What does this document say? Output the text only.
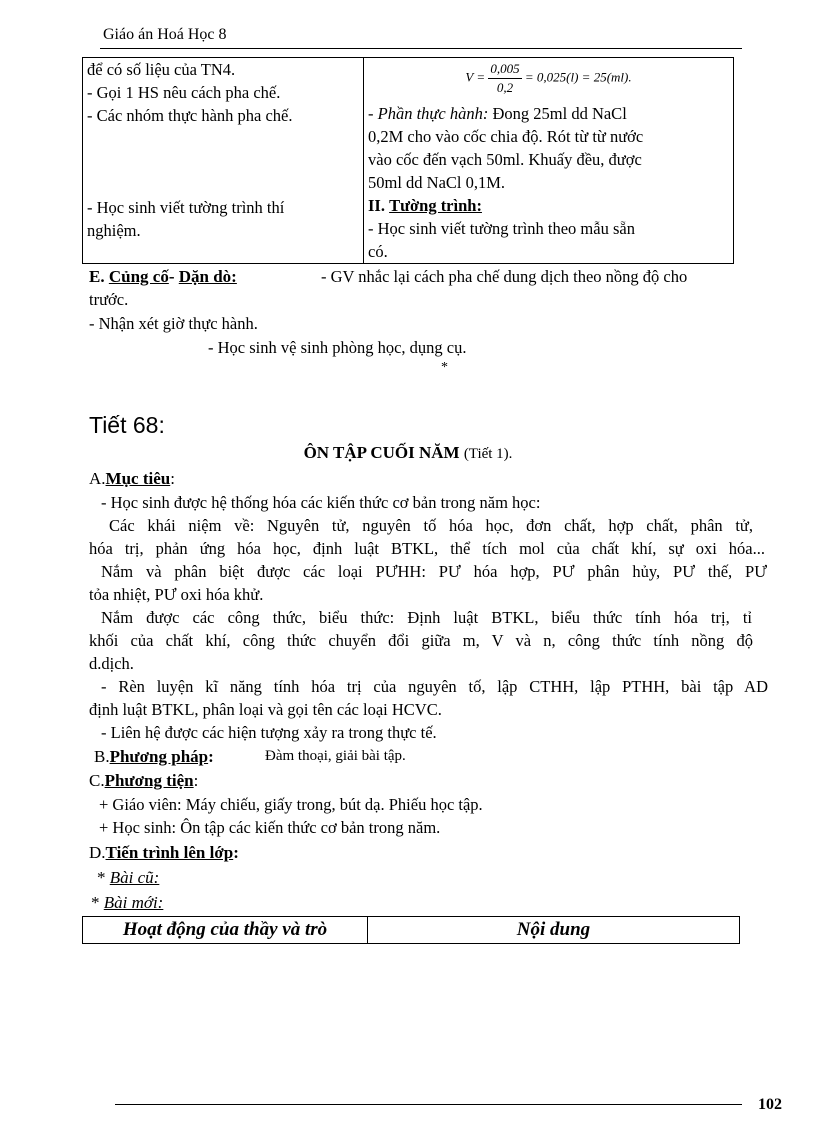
Giáo án Hoá Học 8
để có số liệu của TN4.
- Gọi 1 HS nêu cách pha chế.
- Các nhóm thực hành pha chế.
- Học sinh viết tường trình thí
nghiệm.

$V = \frac{0,005}{0,2} = 0,025(l) = 25(ml)$.
- Phần thực hành: Đong 25ml dd NaCl
0,2M cho vào cốc chia độ. Rót từ từ nước
vào cốc đến vạch 50ml. Khuấy đều, được
50ml dd NaCl 0,1M.
II. Tường trình:
- Học sinh viết tường trình theo mẫu sẵn
có.
E. Củng cố- Dặn dò:	- GV nhắc lại cách pha chế dung dịch theo nồng độ cho
trước.
- Nhận xét giờ thực hành.
- Học sinh vệ sinh phòng học, dụng cụ.
*
Tiết 68:
ÔN TẬP CUỐI NĂM (Tiết 1).
A.Mục tiêu:
- Học sinh được hệ thống hóa các kiến thức cơ bản trong năm học:
Các khái niệm về: Nguyên tử, nguyên tố hóa học, đơn chất, hợp chất, phân tử,
hóa trị, phản ứng hóa học, định luật BTKL, thể tích mol của chất khí, sự oxi hóa...
Nắm và phân biệt được các loại PƯHH: PƯ hóa hợp, PƯ phân hủy, PƯ thế, PƯ
tỏa nhiệt, PƯ oxi hóa khử.
Nắm được các công thức, biểu thức: Định luật BTKL, biểu thức tính hóa trị, tỉ
khối của chất khí, công thức chuyển đổi giữa m, V và n, công thức tính nồng độ
d.dịch.
- Rèn luyện kĩ năng tính hóa trị của nguyên tố, lập CTHH, lập PTHH, bài tập AD
định luật BTKL, phân loại và gọi tên các loại HCVC.
- Liên hệ được các hiện tượng xảy ra trong thực tế.
B.Phương pháp:	Đàm thoại, giải bài tập.
C.Phương tiện:
+ Giáo viên: Máy chiếu, giấy trong, bút dạ. Phiếu học tập.
+ Học sinh: Ôn tập các kiến thức cơ bản trong năm.
D.Tiến trình lên lớp:
* Bài cũ:
* Bài mới:
Hoạt động của thầy và trò	Nội dung
102
